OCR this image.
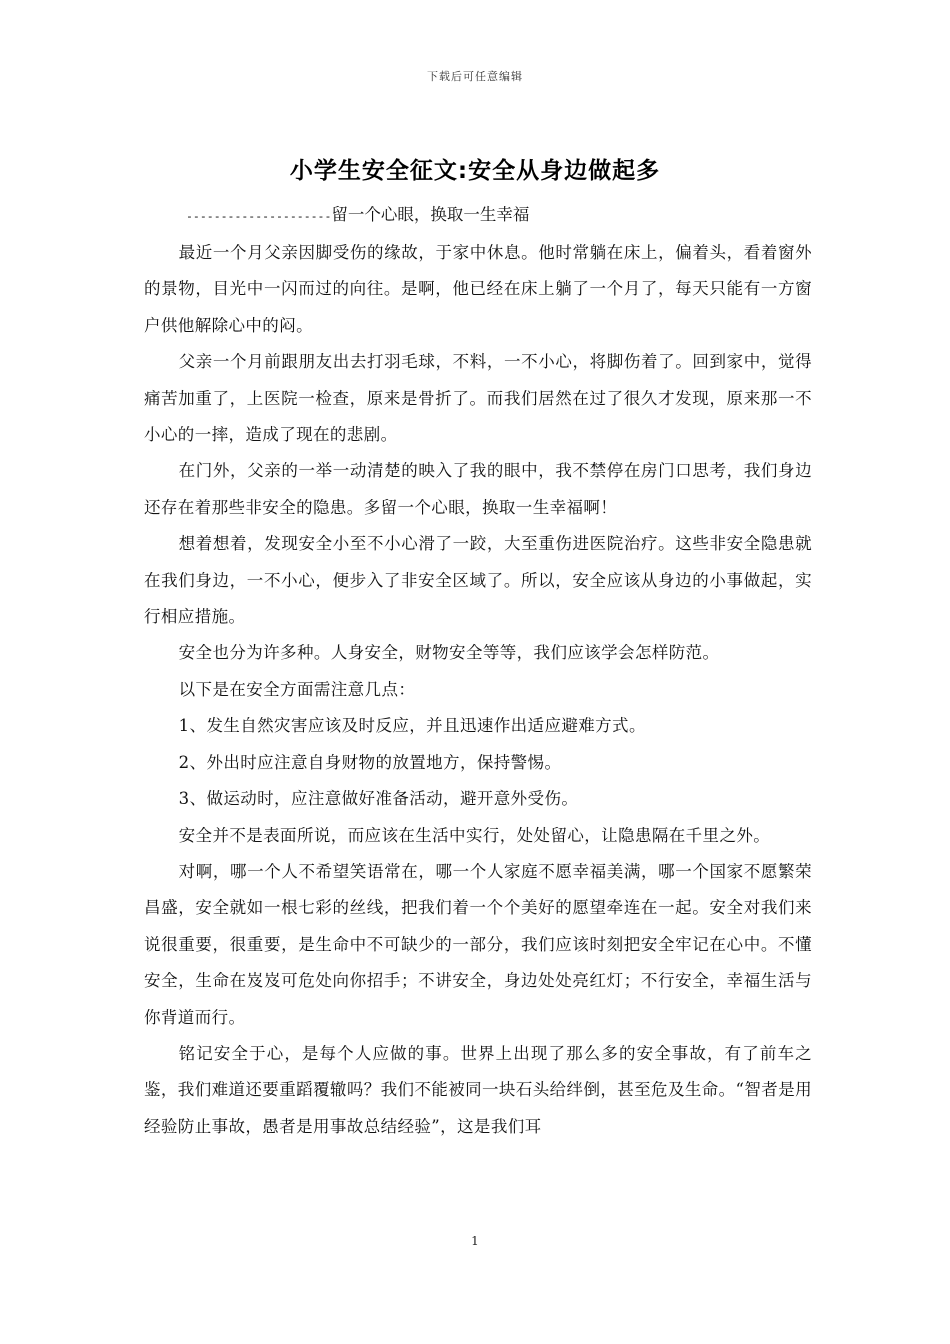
下载后可任意编辑
小学生安全征文:安全从身边做起多
---------------------留一个心眼，换取一生幸福

最近一个月父亲因脚受伤的缘故，于家中休息。他时常躺在床上，偏着头，看着窗外的景物，目光中一闪而过的向往。是啊，他已经在床上躺了一个月了，每天只能有一方窗户供他解除心中的闷。

父亲一个月前跟朋友出去打羽毛球，不料，一不小心，将脚伤着了。回到家中，觉得痛苦加重了，上医院一检查，原来是骨折了。而我们居然在过了很久才发现，原来那一不小心的一摔，造成了现在的悲剧。

在门外，父亲的一举一动清楚的映入了我的眼中，我不禁停在房门口思考，我们身边还存在着那些非安全的隐患。多留一个心眼，换取一生幸福啊！

想着想着，发现安全小至不小心滑了一跤，大至重伤进医院治疗。这些非安全隐患就在我们身边，一不小心，便步入了非安全区域了。所以，安全应该从身边的小事做起，实行相应措施。

安全也分为许多种。人身安全，财物安全等等，我们应该学会怎样防范。

以下是在安全方面需注意几点：

1、发生自然灾害应该及时反应，并且迅速作出适应避难方式。

2、外出时应注意自身财物的放置地方，保持警惕。

3、做运动时，应注意做好准备活动，避开意外受伤。

安全并不是表面所说，而应该在生活中实行，处处留心，让隐患隔在千里之外。

对啊，哪一个人不希望笑语常在，哪一个人家庭不愿幸福美满，哪一个国家不愿繁荣昌盛，安全就如一根七彩的丝线，把我们着一个个美好的愿望牵连在一起。安全对我们来说很重要，很重要，是生命中不可缺少的一部分，我们应该时刻把安全牢记在心中。不懂安全，生命在岌岌可危处向你招手；不讲安全，身边处处亮红灯；不行安全，幸福生活与你背道而行。

铭记安全于心，是每个人应做的事。世界上出现了那么多的安全事故，有了前车之鉴，我们难道还要重蹈覆辙吗？我们不能被同一块石头给绊倒，甚至危及生命。“智者是用经验防止事故，愚者是用事故总结经验”，这是我们耳

1
